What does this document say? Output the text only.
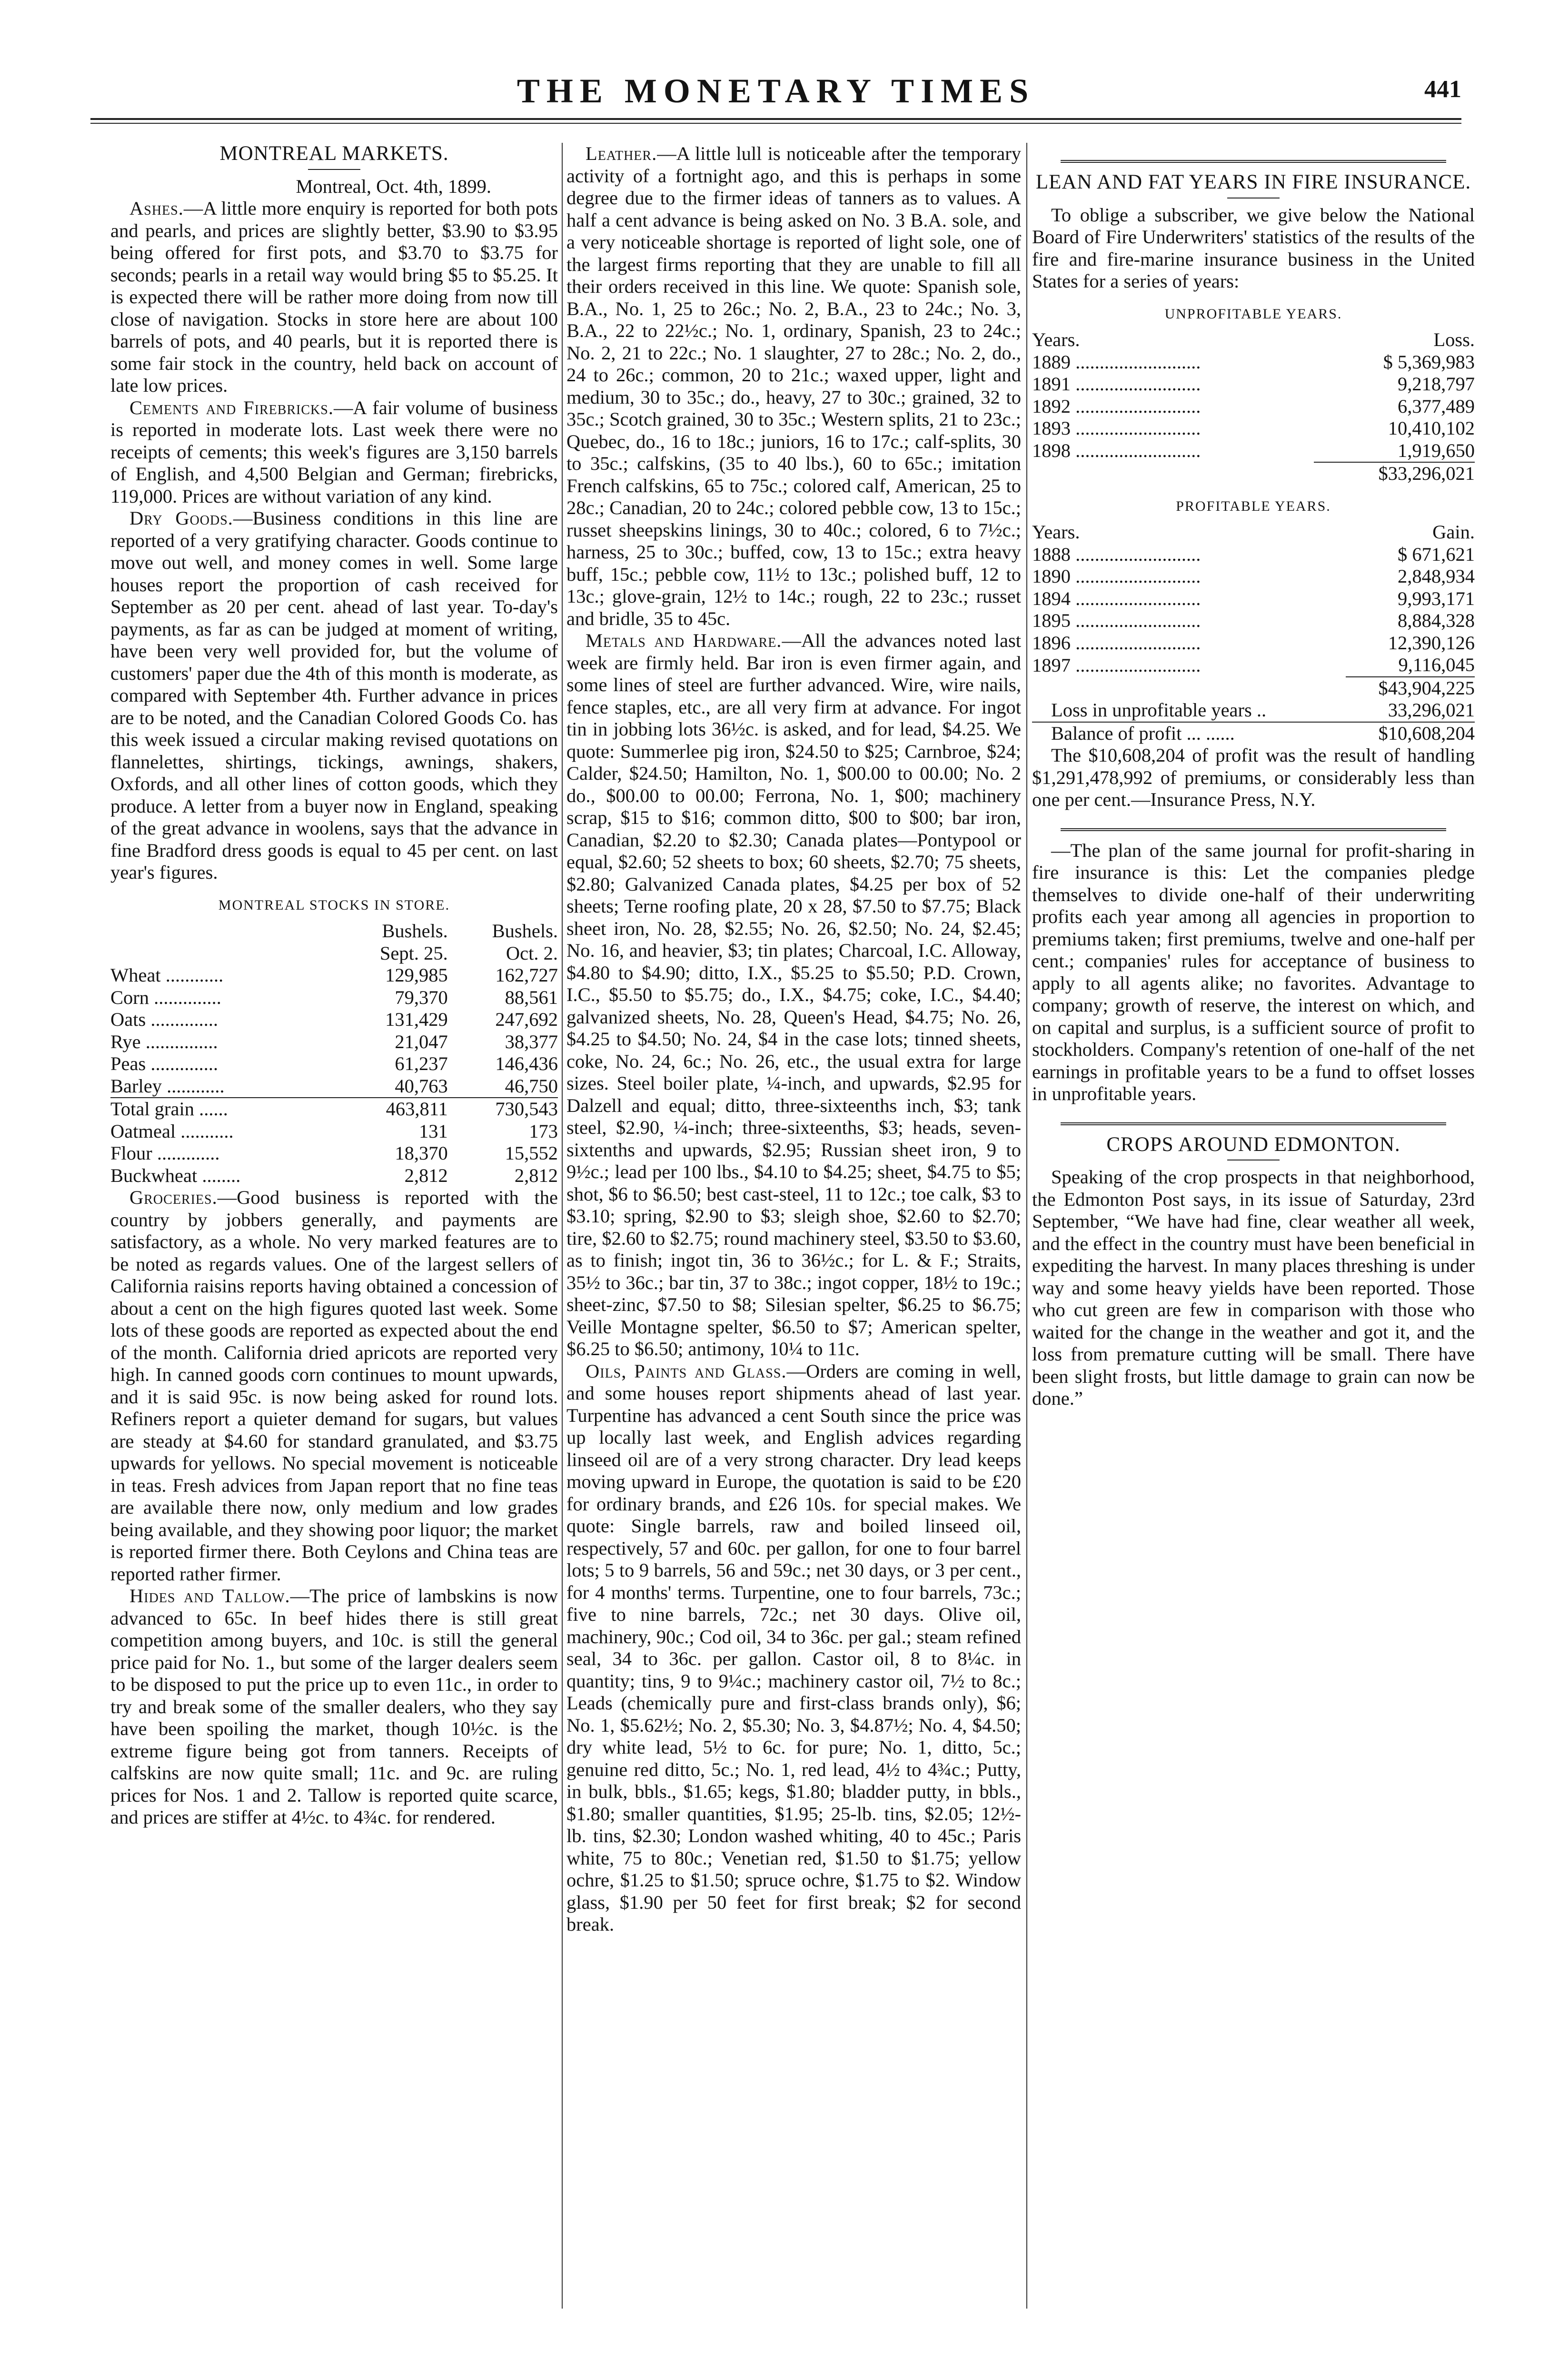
THE MONETARY TIMES	441
MONTREAL MARKETS.

Montreal, Oct. 4th, 1899.

Ashes.—A little more enquiry is reported for both pots and pearls, and prices are slightly better, $3.90 to $3.95 being offered for first pots, and $3.70 to $3.75 for seconds; pearls in a retail way would bring $5 to $5.25. It is expected there will be rather more doing from now till close of navigation. Stocks in store here are about 100 barrels of pots, and 40 pearls, but it is reported there is some fair stock in the country, held back on account of late low prices.

Cements and Firebricks.—A fair volume of business is reported in moderate lots. Last week there were no receipts of cements; this week's figures are 3,150 barrels of English, and 4,500 Belgian and German; firebricks, 119,000. Prices are without variation of any kind.

Dry Goods.—Business conditions in this line are reported of a very gratifying character. Goods continue to move out well, and money comes in well. Some large houses report the proportion of cash received for September as 20 per cent. ahead of last year. To-day's payments, as far as can be judged at moment of writing, have been very well provided for, but the volume of customers' paper due the 4th of this month is moderate, as compared with September 4th. Further advance in prices are to be noted, and the Canadian Colored Goods Co. has this week issued a circular making revised quotations on flannelettes, shirtings, tickings, awnings, shakers, Oxfords, and all other lines of cotton goods, which they produce. A letter from a buyer now in England, speaking of the great advance in woolens, says that the advance in fine Bradford dress goods is equal to 45 per cent. on last year's figures.

MONTREAL STOCKS IN STORE.
	Bushels.	Bushels.
	Sept. 25.	Oct. 2.
Wheat ............	129,985	162,727
Corn ..............	79,370	88,561
Oats ..............	131,429	247,692
Rye ...............	21,047	38,377
Peas ..............	61,237	146,436
Barley ............	40,763	46,750
Total grain ......	463,811	730,543
Oatmeal ...........	131	173
Flour .............	18,370	15,552
Buckwheat ........	2,812	2,812

Groceries.—Good business is reported with the country by jobbers generally, and payments are satisfactory, as a whole. No very marked features are to be noted as regards values. One of the largest sellers of California raisins reports having obtained a concession of about a cent on the high figures quoted last week. Some lots of these goods are reported as expected about the end of the month. California dried apricots are reported very high. In canned goods corn continues to mount upwards, and it is said 95c. is now being asked for round lots. Refiners report a quieter demand for sugars, but values are steady at $4.60 for standard granulated, and $3.75 upwards for yellows. No special movement is noticeable in teas. Fresh advices from Japan report that no fine teas are available there now, only medium and low grades being available, and they showing poor liquor; the market is reported firmer there. Both Ceylons and China teas are reported rather firmer.

Hides and Tallow.—The price of lambskins is now advanced to 65c. In beef hides there is still great competition among buyers, and 10c. is still the general price paid for No. 1., but some of the larger dealers seem to be disposed to put the price up to even 11c., in order to try and break some of the smaller dealers, who they say have been spoiling the market, though 10½c. is the extreme figure being got from tanners. Receipts of calfskins are now quite small; 11c. and 9c. are ruling prices for Nos. 1 and 2. Tallow is reported quite scarce, and prices are stiffer at 4½c. to 4¾c. for rendered.

Leather.—A little lull is noticeable after the temporary activity of a fortnight ago, and this is perhaps in some degree due to the firmer ideas of tanners as to values. A half a cent advance is being asked on No. 3 B.A. sole, and a very noticeable shortage is reported of light sole, one of the largest firms reporting that they are unable to fill all their orders received in this line. We quote: Spanish sole, B.A., No. 1, 25 to 26c.; No. 2, B.A., 23 to 24c.; No. 3, B.A., 22 to 22½c.; No. 1, ordinary, Spanish, 23 to 24c.; No. 2, 21 to 22c.; No. 1 slaughter, 27 to 28c.; No. 2, do., 24 to 26c.; common, 20 to 21c.; waxed upper, light and medium, 30 to 35c.; do., heavy, 27 to 30c.; grained, 32 to 35c.; Scotch grained, 30 to 35c.; Western splits, 21 to 23c.; Quebec, do., 16 to 18c.; juniors, 16 to 17c.; calf-splits, 30 to 35c.; calfskins, (35 to 40 lbs.), 60 to 65c.; imitation French calfskins, 65 to 75c.; colored calf, American, 25 to 28c.; Canadian, 20 to 24c.; colored pebble cow, 13 to 15c.; russet sheepskins linings, 30 to 40c.; colored, 6 to 7½c.; harness, 25 to 30c.; buffed, cow, 13 to 15c.; extra heavy buff, 15c.; pebble cow, 11½ to 13c.; polished buff, 12 to 13c.; glove-grain, 12½ to 14c.; rough, 22 to 23c.; russet and bridle, 35 to 45c.

Metals and Hardware.—All the advances noted last week are firmly held. Bar iron is even firmer again, and some lines of steel are further advanced. Wire, wire nails, fence staples, etc., are all very firm at advance. For ingot tin in jobbing lots 36½c. is asked, and for lead, $4.25. We quote: Summerlee pig iron, $24.50 to $25; Carnbroe, $24; Calder, $24.50; Hamilton, No. 1, $00.00 to 00.00; No. 2 do., $00.00 to 00.00; Ferrona, No. 1, $00; machinery scrap, $15 to $16; common ditto, $00 to $00; bar iron, Canadian, $2.20 to $2.30; Canada plates—Pontypool or equal, $2.60; 52 sheets to box; 60 sheets, $2.70; 75 sheets, $2.80; Galvanized Canada plates, $4.25 per box of 52 sheets; Terne roofing plate, 20 x 28, $7.50 to $7.75; Black sheet iron, No. 28, $2.55; No. 26, $2.50; No. 24, $2.45; No. 16, and heavier, $3; tin plates; Charcoal, I.C. Alloway, $4.80 to $4.90; ditto, I.X., $5.25 to $5.50; P.D. Crown, I.C., $5.50 to $5.75; do., I.X., $4.75; coke, I.C., $4.40; galvanized sheets, No. 28, Queen's Head, $4.75; No. 26, $4.25 to $4.50; No. 24, $4 in the case lots; tinned sheets, coke, No. 24, 6c.; No. 26, etc., the usual extra for large sizes. Steel boiler plate, ¼-inch, and upwards, $2.95 for Dalzell and equal; ditto, three-sixteenths inch, $3; tank steel, $2.90, ¼-inch; three-sixteenths, $3; heads, seven-sixtenths and upwards, $2.95; Russian sheet iron, 9 to 9½c.; lead per 100 lbs., $4.10 to $4.25; sheet, $4.75 to $5; shot, $6 to $6.50; best cast-steel, 11 to 12c.; toe calk, $3 to $3.10; spring, $2.90 to $3; sleigh shoe, $2.60 to $2.70; tire, $2.60 to $2.75; round machinery steel, $3.50 to $3.60, as to finish; ingot tin, 36 to 36½c.; for L. & F.; Straits, 35½ to 36c.; bar tin, 37 to 38c.; ingot copper, 18½ to 19c.; sheet-zinc, $7.50 to $8; Silesian spelter, $6.25 to $6.75; Veille Montagne spelter, $6.50 to $7; American spelter, $6.25 to $6.50; antimony, 10¼ to 11c.

Oils, Paints and Glass.—Orders are coming in well, and some houses report shipments ahead of last year. Turpentine has advanced a cent South since the price was up locally last week, and English advices regarding linseed oil are of a very strong character. Dry lead keeps moving upward in Europe, the quotation is said to be £20 for ordinary brands, and £26 10s. for special makes. We quote: Single barrels, raw and boiled linseed oil, respectively, 57 and 60c. per gallon, for one to four barrel lots; 5 to 9 barrels, 56 and 59c.; net 30 days, or 3 per cent., for 4 months' terms. Turpentine, one to four barrels, 73c.; five to nine barrels, 72c.; net 30 days. Olive oil, machinery, 90c.; Cod oil, 34 to 36c. per gal.; steam refined seal, 34 to 36c. per gallon. Castor oil, 8 to 8¼c. in quantity; tins, 9 to 9¼c.; machinery castor oil, 7½ to 8c.; Leads (chemically pure and first-class brands only), $6; No. 1, $5.62½; No. 2, $5.30; No. 3, $4.87½; No. 4, $4.50; dry white lead, 5½ to 6c. for pure; No. 1, ditto, 5c.; genuine red ditto, 5c.; No. 1, red lead, 4½ to 4¾c.; Putty, in bulk, bbls., $1.65; kegs, $1.80; bladder putty, in bbls., $1.80; smaller quantities, $1.95; 25-lb. tins, $2.05; 12½-lb. tins, $2.30; London washed whiting, 40 to 45c.; Paris white, 75 to 80c.; Venetian red, $1.50 to $1.75; yellow ochre, $1.25 to $1.50; spruce ochre, $1.75 to $2. Window glass, $1.90 per 50 feet for first break; $2 for second break.

LEAN AND FAT YEARS IN FIRE INSURANCE.

To oblige a subscriber, we give below the National Board of Fire Underwriters' statistics of the results of the fire and fire-marine insurance business in the United States for a series of years:

UNPROFITABLE YEARS.
Years.	Loss.
1889 ..........................	$ 5,369,983
1891 ..........................	9,218,797
1892 ..........................	6,377,489
1893 ..........................	10,410,102
1898 ..........................	1,919,650
	$33,296,021
PROFITABLE YEARS.
Years.	Gain.
1888 ..........................	$ 671,621
1890 ..........................	2,848,934
1894 ..........................	9,993,171
1895 ..........................	8,884,328
1896 ..........................	12,390,126
1897 ..........................	9,116,045
	$43,904,225
Loss in unprofitable years ..	33,296,021
Balance of profit ... ......	$10,608,204

The $10,608,204 of profit was the result of handling $1,291,478,992 of premiums, or considerably less than one per cent.—Insurance Press, N.Y.

—The plan of the same journal for profit-sharing in fire insurance is this: Let the companies pledge themselves to divide one-half of their underwriting profits each year among all agencies in proportion to premiums taken; first premiums, twelve and one-half per cent.; companies' rules for acceptance of business to apply to all agents alike; no favorites. Advantage to company; growth of reserve, the interest on which, and on capital and surplus, is a sufficient source of profit to stockholders. Company's retention of one-half of the net earnings in profitable years to be a fund to offset losses in unprofitable years.

CROPS AROUND EDMONTON.

Speaking of the crop prospects in that neighborhood, the Edmonton Post says, in its issue of Saturday, 23rd September, “We have had fine, clear weather all week, and the effect in the country must have been beneficial in expediting the harvest. In many places threshing is under way and some heavy yields have been reported. Those who cut green are few in comparison with those who waited for the change in the weather and got it, and the loss from premature cutting will be small. There have been slight frosts, but little damage to grain can now be done.”
